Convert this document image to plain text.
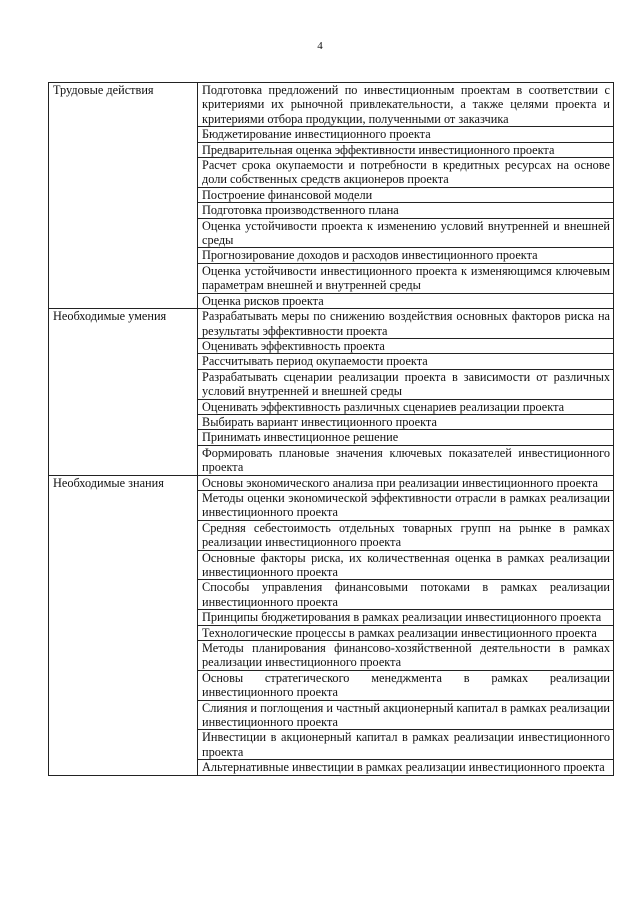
4
Трудовые действия	Подготовка предложений по инвестиционным проектам в соответствии с критериями их рыночной привлекательности, а также целями проекта и критериями отбора продукции, полученными от заказчика
	Бюджетирование инвестиционного проекта
	Предварительная оценка эффективности инвестиционного проекта
	Расчет срока окупаемости и потребности в кредитных ресурсах на основе доли собственных средств акционеров проекта
	Построение финансовой модели
	Подготовка производственного плана
	Оценка устойчивости проекта к изменению условий внутренней и внешней среды
	Прогнозирование доходов и расходов инвестиционного проекта
	Оценка устойчивости инвестиционного проекта к изменяющимся ключевым параметрам внешней и внутренней среды
	Оценка рисков проекта
Необходимые умения	Разрабатывать меры по снижению воздействия основных факторов риска на результаты эффективности проекта
	Оценивать эффективность проекта
	Рассчитывать период окупаемости проекта
	Разрабатывать сценарии реализации проекта в зависимости от различных условий внутренней и внешней среды
	Оценивать эффективность различных сценариев реализации проекта
	Выбирать вариант инвестиционного проекта
	Принимать инвестиционное решение
	Формировать плановые значения ключевых показателей инвестиционного проекта
Необходимые знания	Основы экономического анализа при реализации инвестиционного проекта
	Методы оценки экономической эффективности отрасли в рамках реализации инвестиционного проекта
	Средняя себестоимость отдельных товарных групп на рынке в рамках реализации инвестиционного проекта
	Основные факторы риска, их количественная оценка в рамках реализации инвестиционного проекта
	Способы управления финансовыми потоками в рамках реализации инвестиционного проекта
	Принципы бюджетирования в рамках реализации инвестиционного проекта
	Технологические процессы в рамках реализации инвестиционного проекта
	Методы планирования финансово-хозяйственной деятельности в рамках реализации инвестиционного проекта
	Основы стратегического менеджмента в рамках реализации инвестиционного проекта
	Слияния и поглощения и частный акционерный капитал в рамках реализации инвестиционного проекта
	Инвестиции в акционерный капитал в рамках реализации инвестиционного проекта
	Альтернативные инвестиции в рамках реализации инвестиционного проекта
